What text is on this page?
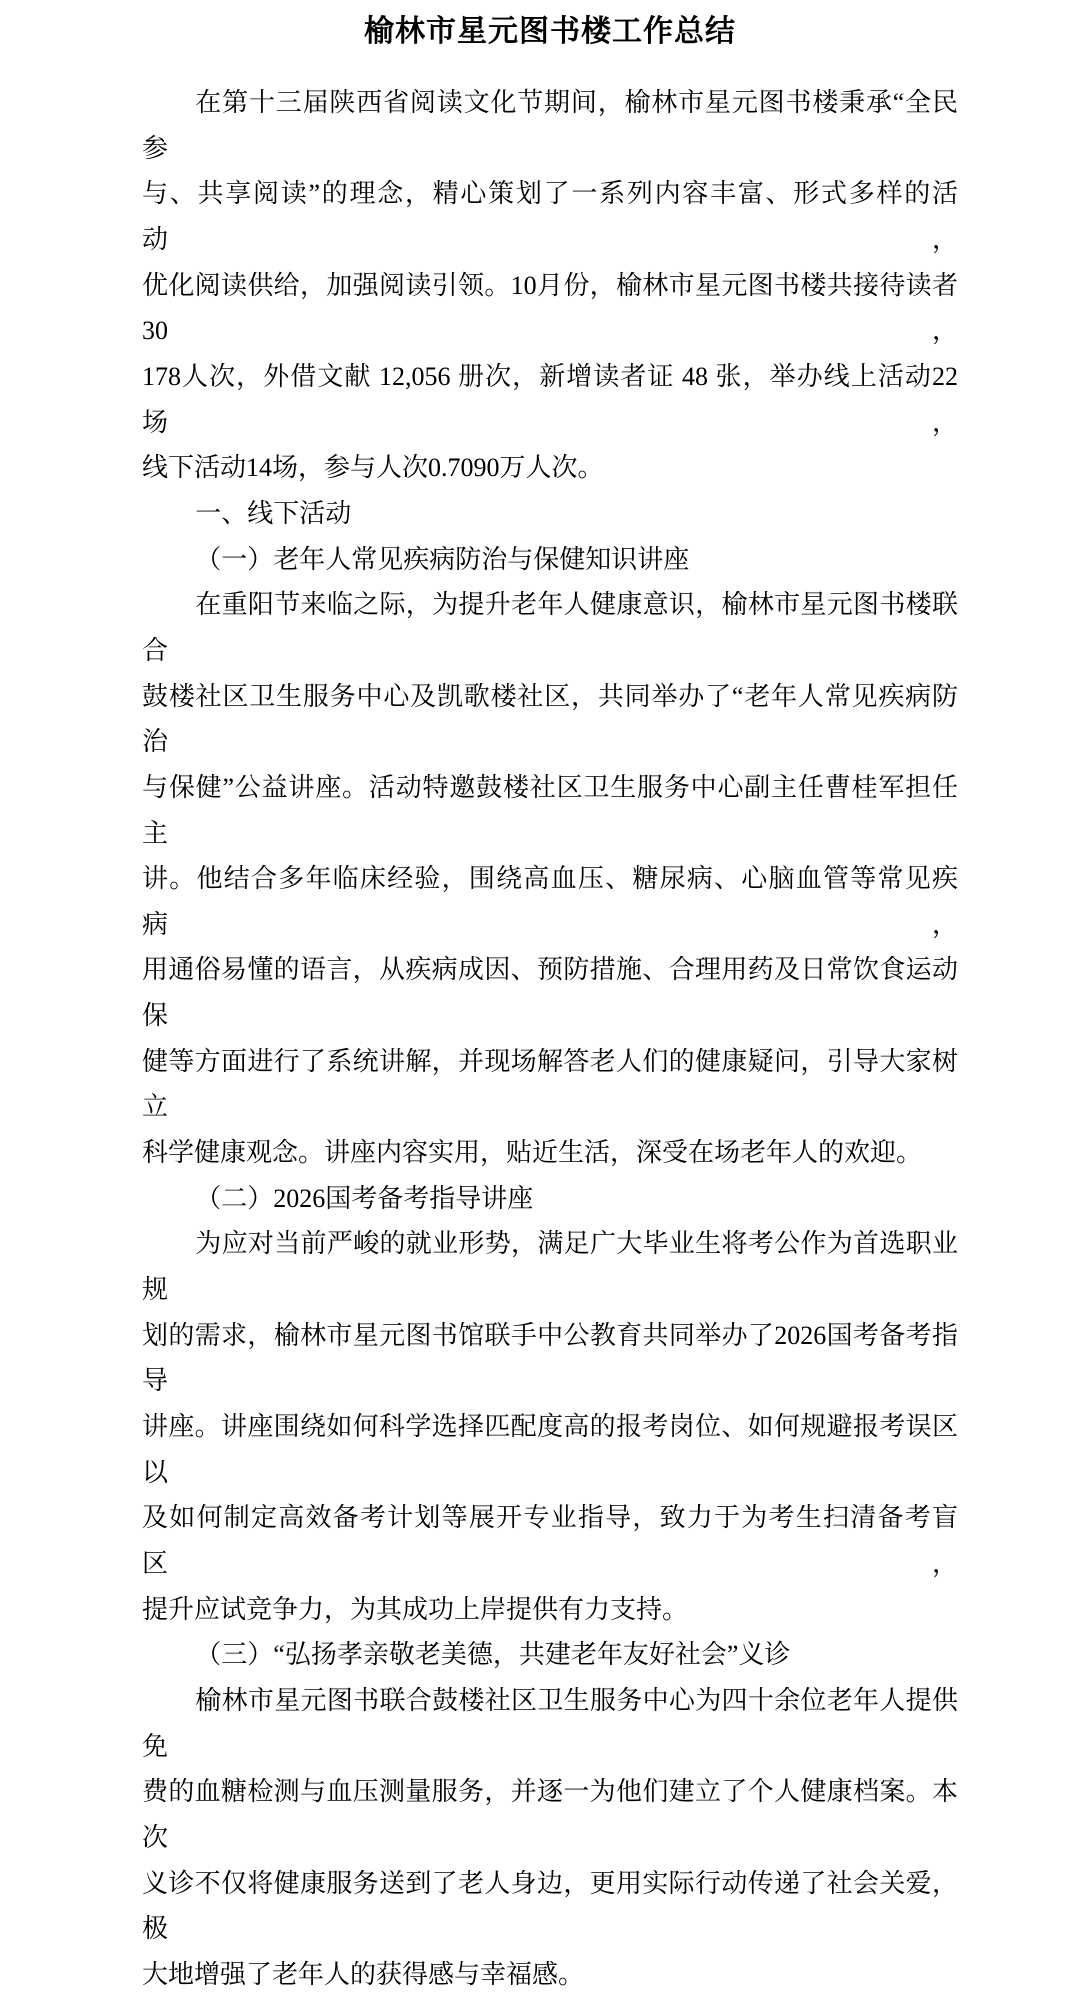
榆林市星元图书楼工作总结
在第十三届陕西省阅读文化节期间，榆林市星元图书楼秉承“全民参
与、共享阅读”的理念，精心策划了一系列内容丰富、形式多样的活动，
优化阅读供给，加强阅读引领。10月份，榆林市星元图书楼共接待读者 30，
178人次，外借文献 12,056 册次，新增读者证 48 张，举办线上活动22场，
线下活动14场，参与人次0.7090万人次。
一、线下活动
（一）老年人常见疾病防治与保健知识讲座
在重阳节来临之际，为提升老年人健康意识，榆林市星元图书楼联合
鼓楼社区卫生服务中心及凯歌楼社区，共同举办了“老年人常见疾病防治
与保健”公益讲座。活动特邀鼓楼社区卫生服务中心副主任曹桂军担任主
讲。他结合多年临床经验，围绕高血压、糖尿病、心脑血管等常见疾病，
用通俗易懂的语言，从疾病成因、预防措施、合理用药及日常饮食运动保
健等方面进行了系统讲解，并现场解答老人们的健康疑问，引导大家树立
科学健康观念。讲座内容实用，贴近生活，深受在场老年人的欢迎。
（二）2026国考备考指导讲座
为应对当前严峻的就业形势，满足广大毕业生将考公作为首选职业规
划的需求，榆林市星元图书馆联手中公教育共同举办了2026国考备考指导
讲座。讲座围绕如何科学选择匹配度高的报考岗位、如何规避报考误区以
及如何制定高效备考计划等展开专业指导，致力于为考生扫清备考盲区，
提升应试竞争力，为其成功上岸提供有力支持。
（三）“弘扬孝亲敬老美德，共建老年友好社会”义诊
榆林市星元图书联合鼓楼社区卫生服务中心为四十余位老年人提供免
费的血糖检测与血压测量服务，并逐一为他们建立了个人健康档案。本次
义诊不仅将健康服务送到了老人身边，更用实际行动传递了社会关爱，极
大地增强了老年人的获得感与幸福感。
